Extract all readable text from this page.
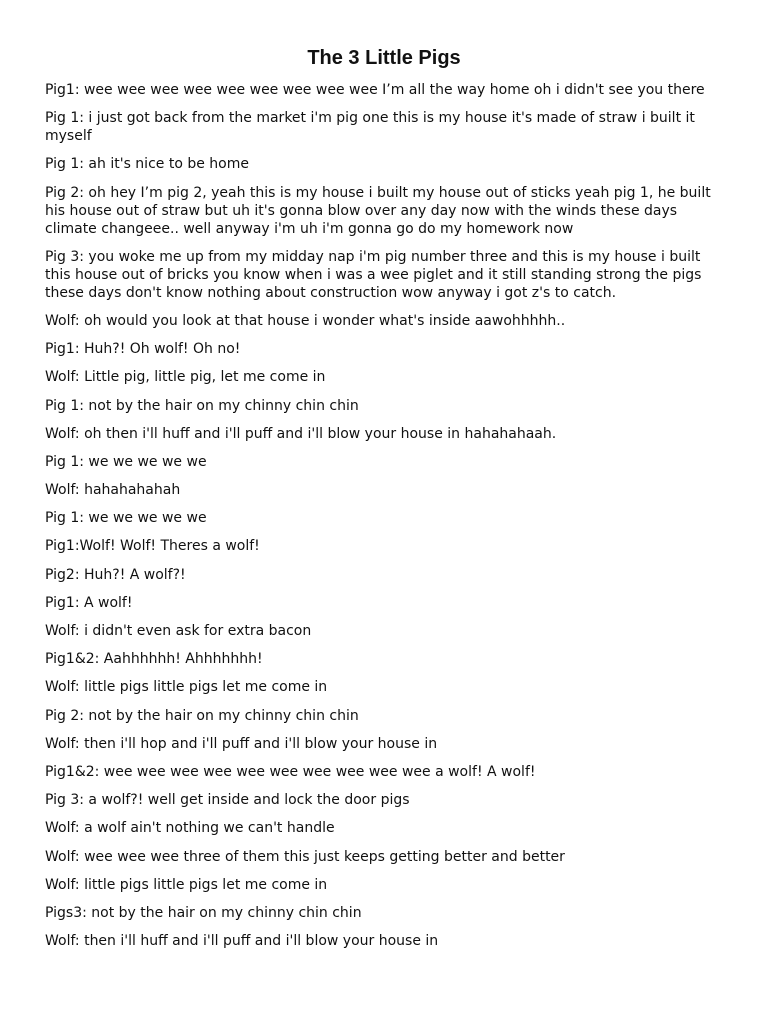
The 3 Little Pigs
Pig1: wee wee wee wee wee wee wee wee wee I’m all the way home oh i didn't see you there
Pig 1: i just got back from the market i'm pig one this is my house it's made of straw i built it myself
Pig 1: ah it's nice to be home
Pig 2: oh hey I’m pig 2, yeah this is my house i built my house out of sticks yeah pig 1, he built his house out of straw but uh it's gonna blow over any day now with the winds these days climate changeee.. well anyway i'm uh i'm gonna go do my homework now
Pig 3: you woke me up from my midday nap i'm pig number three and this is my house i built this house out of bricks you know when i was a wee piglet and it still standing strong the pigs these days don't know nothing about construction wow anyway i got z's to catch.
Wolf: oh would you look at that house i wonder what's inside aawohhhhh..
Pig1: Huh?! Oh wolf! Oh no!
Wolf: Little pig, little pig, let me come in
Pig 1: not by the hair on my chinny chin chin
Wolf: oh then i'll huff and i'll puff and i'll blow your house in hahahahaah.
Pig 1: we we we we we
Wolf: hahahahahah
Pig 1: we we we we we
Pig1:Wolf! Wolf! Theres a wolf!
Pig2: Huh?! A wolf?!
Pig1: A wolf!
Wolf: i didn't even ask for extra bacon
Pig1&2: Aahhhhhh! Ahhhhhhh!
Wolf: little pigs little pigs let me come in
Pig 2: not by the hair on my chinny chin chin
Wolf: then i'll hop and i'll puff and i'll blow your house in
Pig1&2: wee wee wee wee wee wee wee wee wee wee a wolf! A wolf!
Pig 3: a wolf?! well get inside and lock the door pigs
Wolf: a wolf ain't nothing we can't handle
Wolf: wee wee wee three of them this just keeps getting better and better
Wolf: little pigs little pigs let me come in
Pigs3: not by the hair on my chinny chin chin
Wolf: then i'll huff and i'll puff and i'll blow your house in
